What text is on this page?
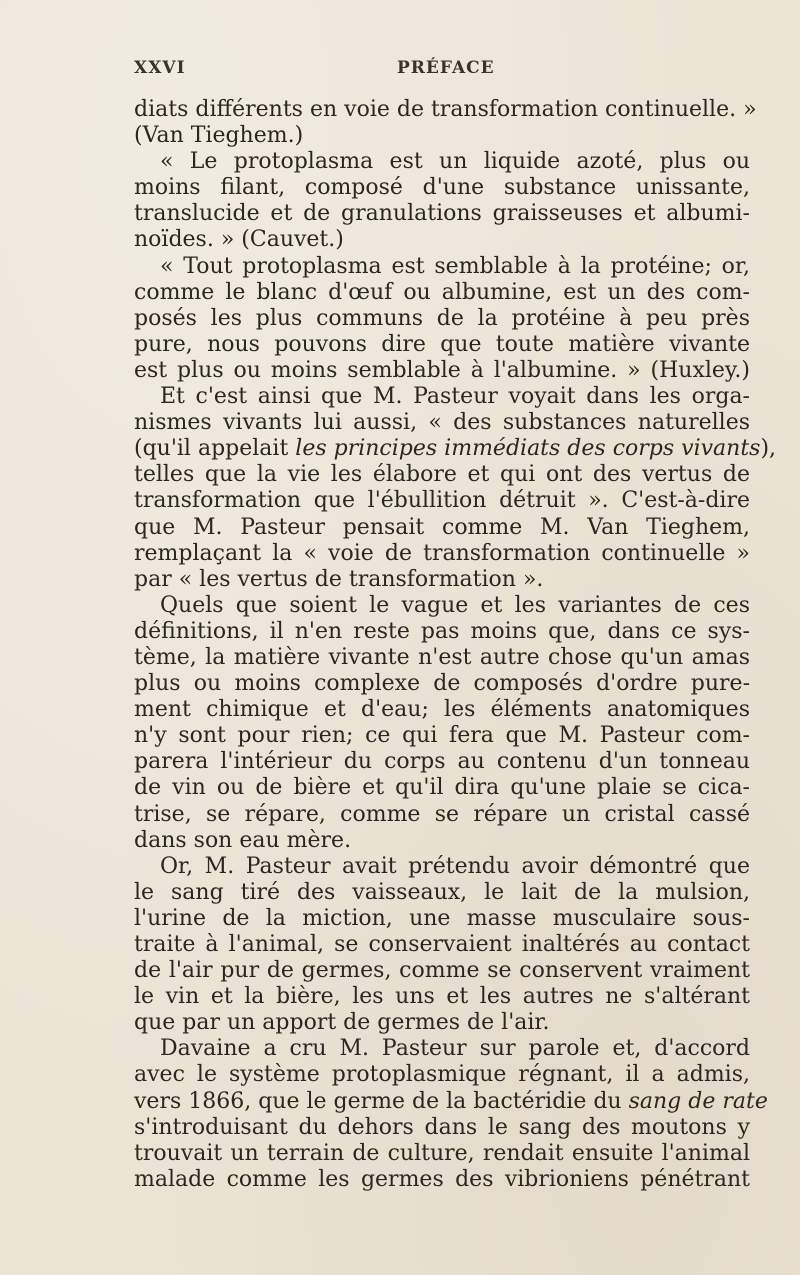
XXVI	PRÉFACE
diats différents en voie de transformation continuelle. »
(Van Tieghem.)
« Le protoplasma est un liquide azoté, plus ou
moins filant, composé d'une substance unissante,
translucide et de granulations graisseuses et albumi-
noïdes. » (Cauvet.)
« Tout protoplasma est semblable à la protéine; or,
comme le blanc d'œuf ou albumine, est un des com-
posés les plus communs de la protéine à peu près
pure, nous pouvons dire que toute matière vivante
est plus ou moins semblable à l'albumine. » (Huxley.)
Et c'est ainsi que M. Pasteur voyait dans les orga-
nismes vivants lui aussi, « des substances naturelles
(qu'il appelait les principes immédiats des corps vivants),
telles que la vie les élabore et qui ont des vertus de
transformation que l'ébullition détruit ». C'est-à-dire
que M. Pasteur pensait comme M. Van Tieghem,
remplaçant la « voie de transformation continuelle »
par « les vertus de transformation ».
Quels que soient le vague et les variantes de ces
définitions, il n'en reste pas moins que, dans ce sys-
tème, la matière vivante n'est autre chose qu'un amas
plus ou moins complexe de composés d'ordre pure-
ment chimique et d'eau; les éléments anatomiques
n'y sont pour rien; ce qui fera que M. Pasteur com-
parera l'intérieur du corps au contenu d'un tonneau
de vin ou de bière et qu'il dira qu'une plaie se cica-
trise, se répare, comme se répare un cristal cassé
dans son eau mère.
Or, M. Pasteur avait prétendu avoir démontré que
le sang tiré des vaisseaux, le lait de la mulsion,
l'urine de la miction, une masse musculaire sous-
traite à l'animal, se conservaient inaltérés au contact
de l'air pur de germes, comme se conservent vraiment
le vin et la bière, les uns et les autres ne s'altérant
que par un apport de germes de l'air.
Davaine a cru M. Pasteur sur parole et, d'accord
avec le système protoplasmique régnant, il a admis,
vers 1866, que le germe de la bactéridie du sang de rate
s'introduisant du dehors dans le sang des moutons y
trouvait un terrain de culture, rendait ensuite l'animal
malade comme les germes des vibrioniens pénétrant
